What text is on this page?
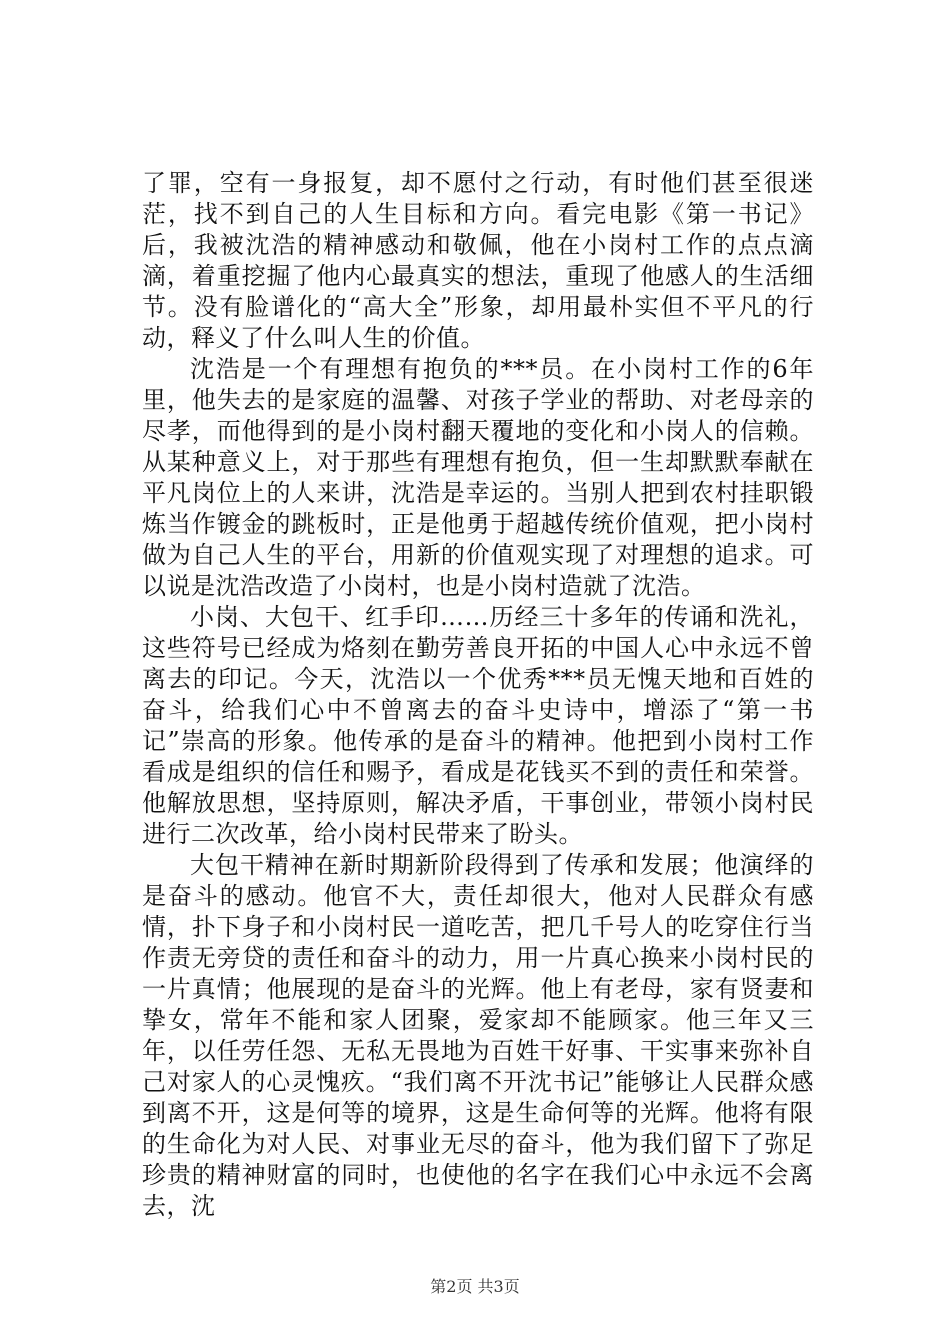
了罪，空有一身报复，却不愿付之行动，有时他们甚至很迷茫，找不到自己的人生目标和方向。看完电影《第一书记》后，我被沈浩的精神感动和敬佩，他在小岗村工作的点点滴滴，着重挖掘了他内心最真实的想法，重现了他感人的生活细节。没有脸谱化的“高大全”形象，却用最朴实但不平凡的行动，释义了什么叫人生的价值。

沈浩是一个有理想有抱负的***员。在小岗村工作的6年里，他失去的是家庭的温馨、对孩子学业的帮助、对老母亲的尽孝，而他得到的是小岗村翻天覆地的变化和小岗人的信赖。从某种意义上，对于那些有理想有抱负，但一生却默默奉献在平凡岗位上的人来讲，沈浩是幸运的。当别人把到农村挂职锻炼当作镀金的跳板时，正是他勇于超越传统价值观，把小岗村做为自己人生的平台，用新的价值观实现了对理想的追求。可以说是沈浩改造了小岗村，也是小岗村造就了沈浩。

小岗、大包干、红手印……历经三十多年的传诵和洗礼，这些符号已经成为烙刻在勤劳善良开拓的中国人心中永远不曾离去的印记。今天，沈浩以一个优秀***员无愧天地和百姓的奋斗，给我们心中不曾离去的奋斗史诗中，增添了“第一书记”崇高的形象。他传承的是奋斗的精神。他把到小岗村工作看成是组织的信任和赐予，看成是花钱买不到的责任和荣誉。他解放思想，坚持原则，解决矛盾，干事创业，带领小岗村民进行二次改革，给小岗村民带来了盼头。

大包干精神在新时期新阶段得到了传承和发展；他演绎的是奋斗的感动。他官不大，责任却很大，他对人民群众有感情，扑下身子和小岗村民一道吃苦，把几千号人的吃穿住行当作责无旁贷的责任和奋斗的动力，用一片真心换来小岗村民的一片真情；他展现的是奋斗的光辉。他上有老母，家有贤妻和挚女，常年不能和家人团聚，爱家却不能顾家。他三年又三年，以任劳任怨、无私无畏地为百姓干好事、干实事来弥补自己对家人的心灵愧疚。“我们离不开沈书记”能够让人民群众感到离不开，这是何等的境界，这是生命何等的光辉。他将有限的生命化为对人民、对事业无尽的奋斗，他为我们留下了弥足珍贵的精神财富的同时，也使他的名字在我们心中永远不会离去，沈

第2页 共3页
